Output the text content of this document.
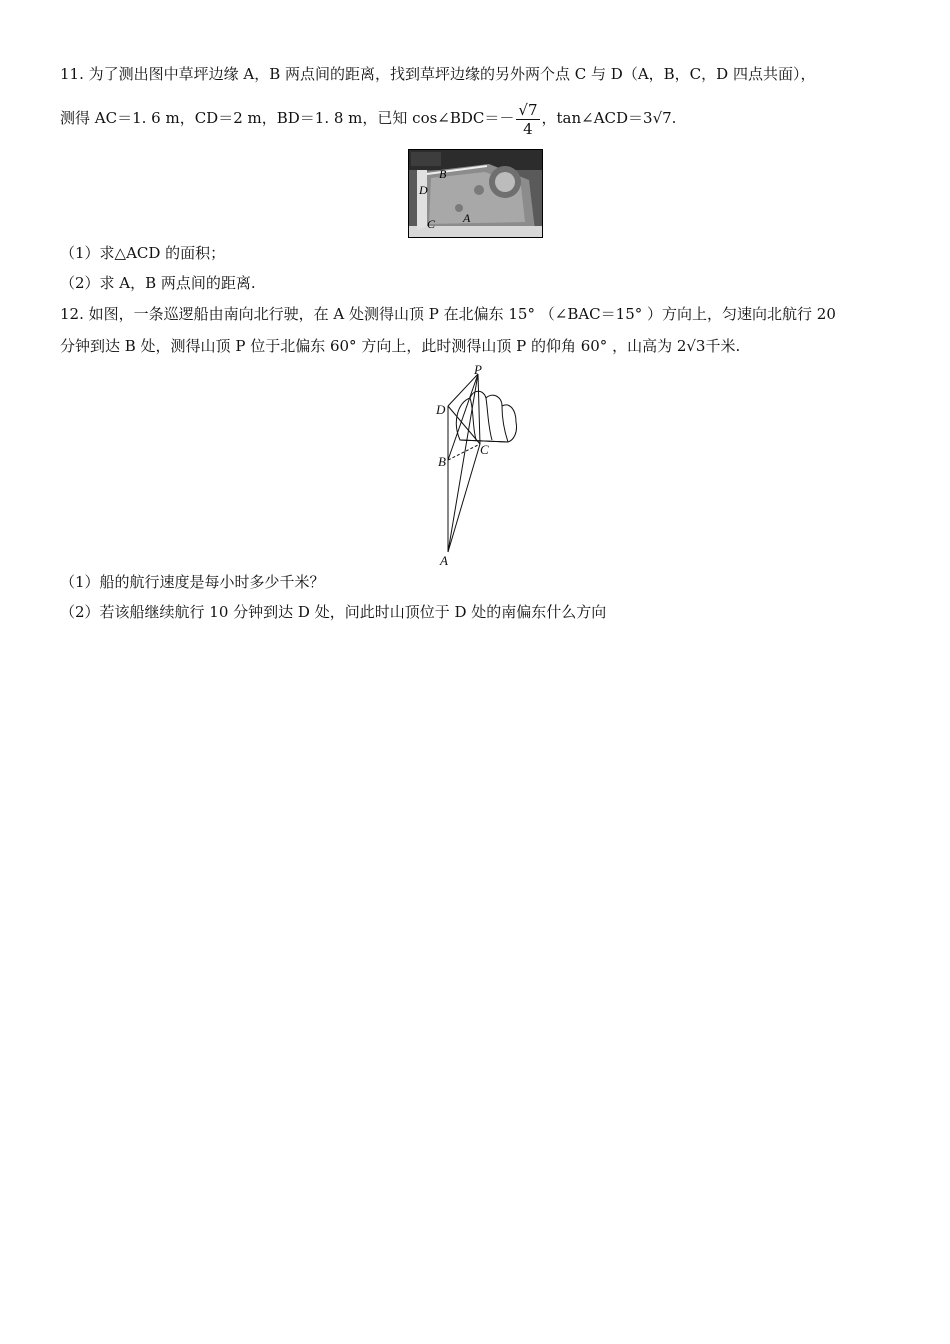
11. 为了测出图中草坪边缘 A，B 两点间的距离，找到草坪边缘的另外两个点 C 与 D（A，B，C，D 四点共面），
测得 AC＝1. 6 m，CD＝2 m，BD＝1. 8 m，已知 cos∠BDC＝－ $\frac{√7}{4}$ ，tan∠ACD＝3√7.
B
D
C A
（1）求△ACD 的面积；
（2）求 A，B 两点间的距离.
12. 如图，一条巡逻船由南向北行驶，在 A 处测得山顶 P 在北偏东 15° （∠BAC＝15° ）方向上，匀速向北航行 20
分钟到达 B 处，测得山顶 P 位于北偏东 60° 方向上，此时测得山顶 P 的仰角 60° ，山高为 2√3千米.
P
D
B
C
A
（1）船的航行速度是每小时多少千米？
（2）若该船继续航行 10 分钟到达 D 处，问此时山顶位于 D 处的南偏东什么方向
